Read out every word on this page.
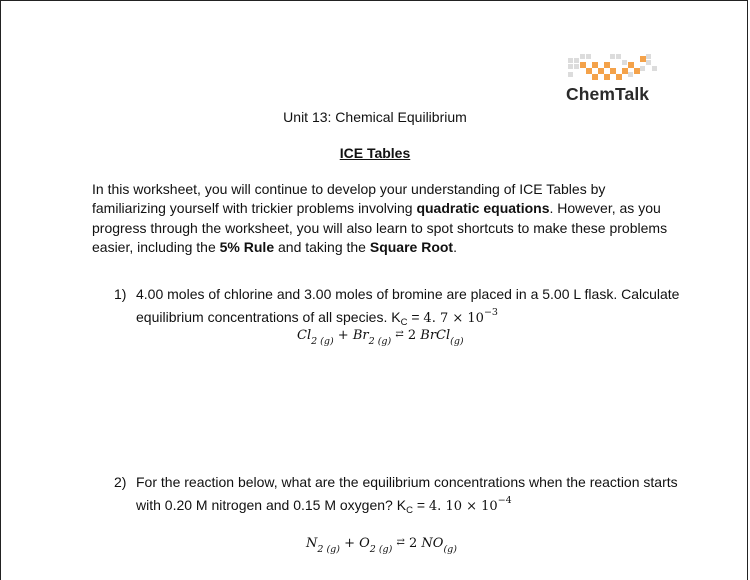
ChemTalk
Unit 13: Chemical Equilibrium
ICE Tables
In this worksheet, you will continue to develop your understanding of ICE Tables by familiarizing yourself with trickier problems involving quadratic equations. However, as you progress through the worksheet, you will also learn to spot shortcuts to make these problems easier, including the 5% Rule and taking the Square Root.
1) 4.00 moles of chlorine and 3.00 moles of bromine are placed in a 5.00 L flask. Calculate
equilibrium concentrations of all species. $K_C = 4$. $7 \times 10^{-3}$
$Cl_{2 (g)} + Br_{2 (g)}$ ⇄ 2 BrCl$_{(g)}$
2) For the reaction below, what are the equilibrium concentrations when the reaction starts
with 0.20 M nitrogen and 0.15 M oxygen? $K_C = 4$. $10 \times 10^{-4}$
$N_{2 (g)} + O_{2 (g)}$ ⇄ 2 $NO_{(g)}$
